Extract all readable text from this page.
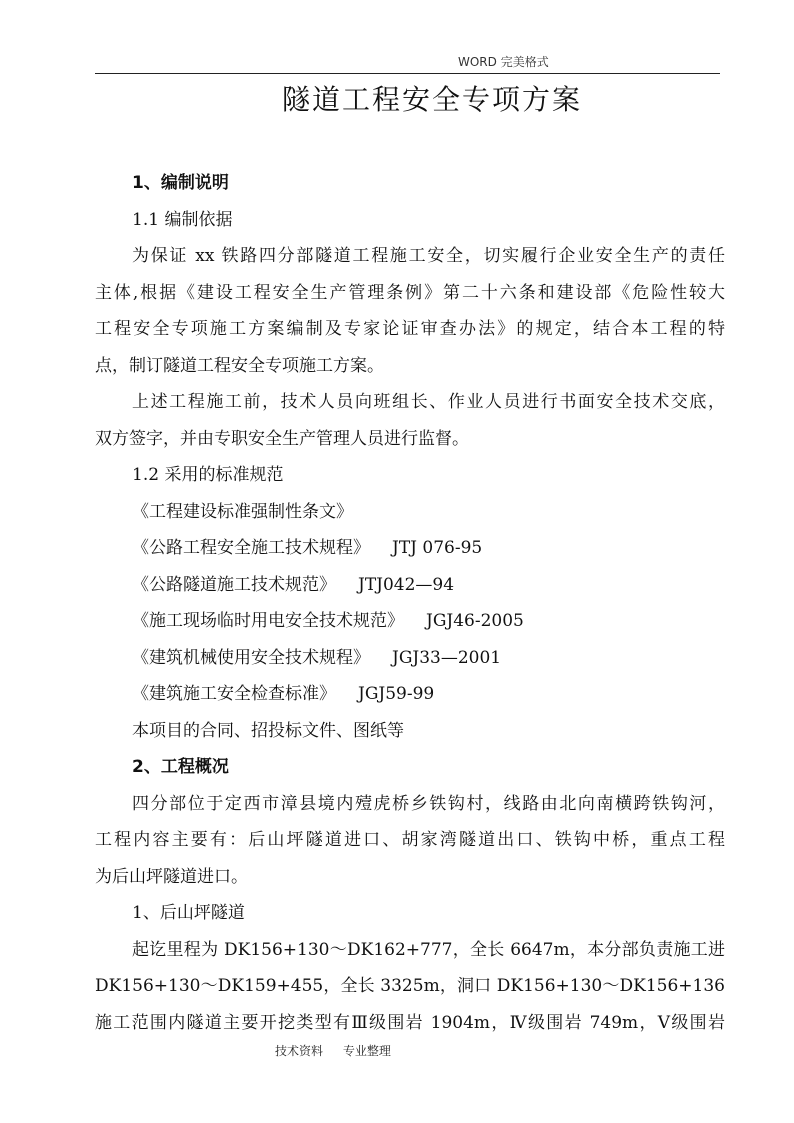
WORD 完美格式
隧道工程安全专项方案
1、编制说明
1.1 编制依据
为保证 xx 铁路四分部隧道工程施工安全，切实履行企业安全生产的责任
主体,根据《建设工程安全生产管理条例》第二十六条和建设部《危险性较大
工程安全专项施工方案编制及专家论证审查办法》的规定，结合本工程的特
点，制订隧道工程安全专项施工方案。
上述工程施工前，技术人员向班组长、作业人员进行书面安全技术交底，
双方签字，并由专职安全生产管理人员进行监督。
1.2 采用的标准规范
《工程建设标准强制性条文》
《公路工程安全施工技术规程》 JTJ 076-95
《公路隧道施工技术规范》 JTJ042—94
《施工现场临时用电安全技术规范》 JGJ46-2005
《建筑机械使用安全技术规程》 JGJ33—2001
《建筑施工安全检查标准》 JGJ59-99
本项目的合同、招投标文件、图纸等
2、工程概况
四分部位于定西市漳县境内殪虎桥乡铁钩村，线路由北向南横跨铁钩河，
工程内容主要有：后山坪隧道进口、胡家湾隧道出口、铁钩中桥，重点工程
为后山坪隧道进口。
1、后山坪隧道
起讫里程为 DK156+130～DK162+777，全长 6647m，本分部负责施工进
DK156+130～DK159+455，全长 3325m，洞口 DK156+130～DK156+136
施工范围内隧道主要开挖类型有Ⅲ级围岩 1904m，Ⅳ级围岩 749m，Ⅴ级围岩
技术资料 专业整理
